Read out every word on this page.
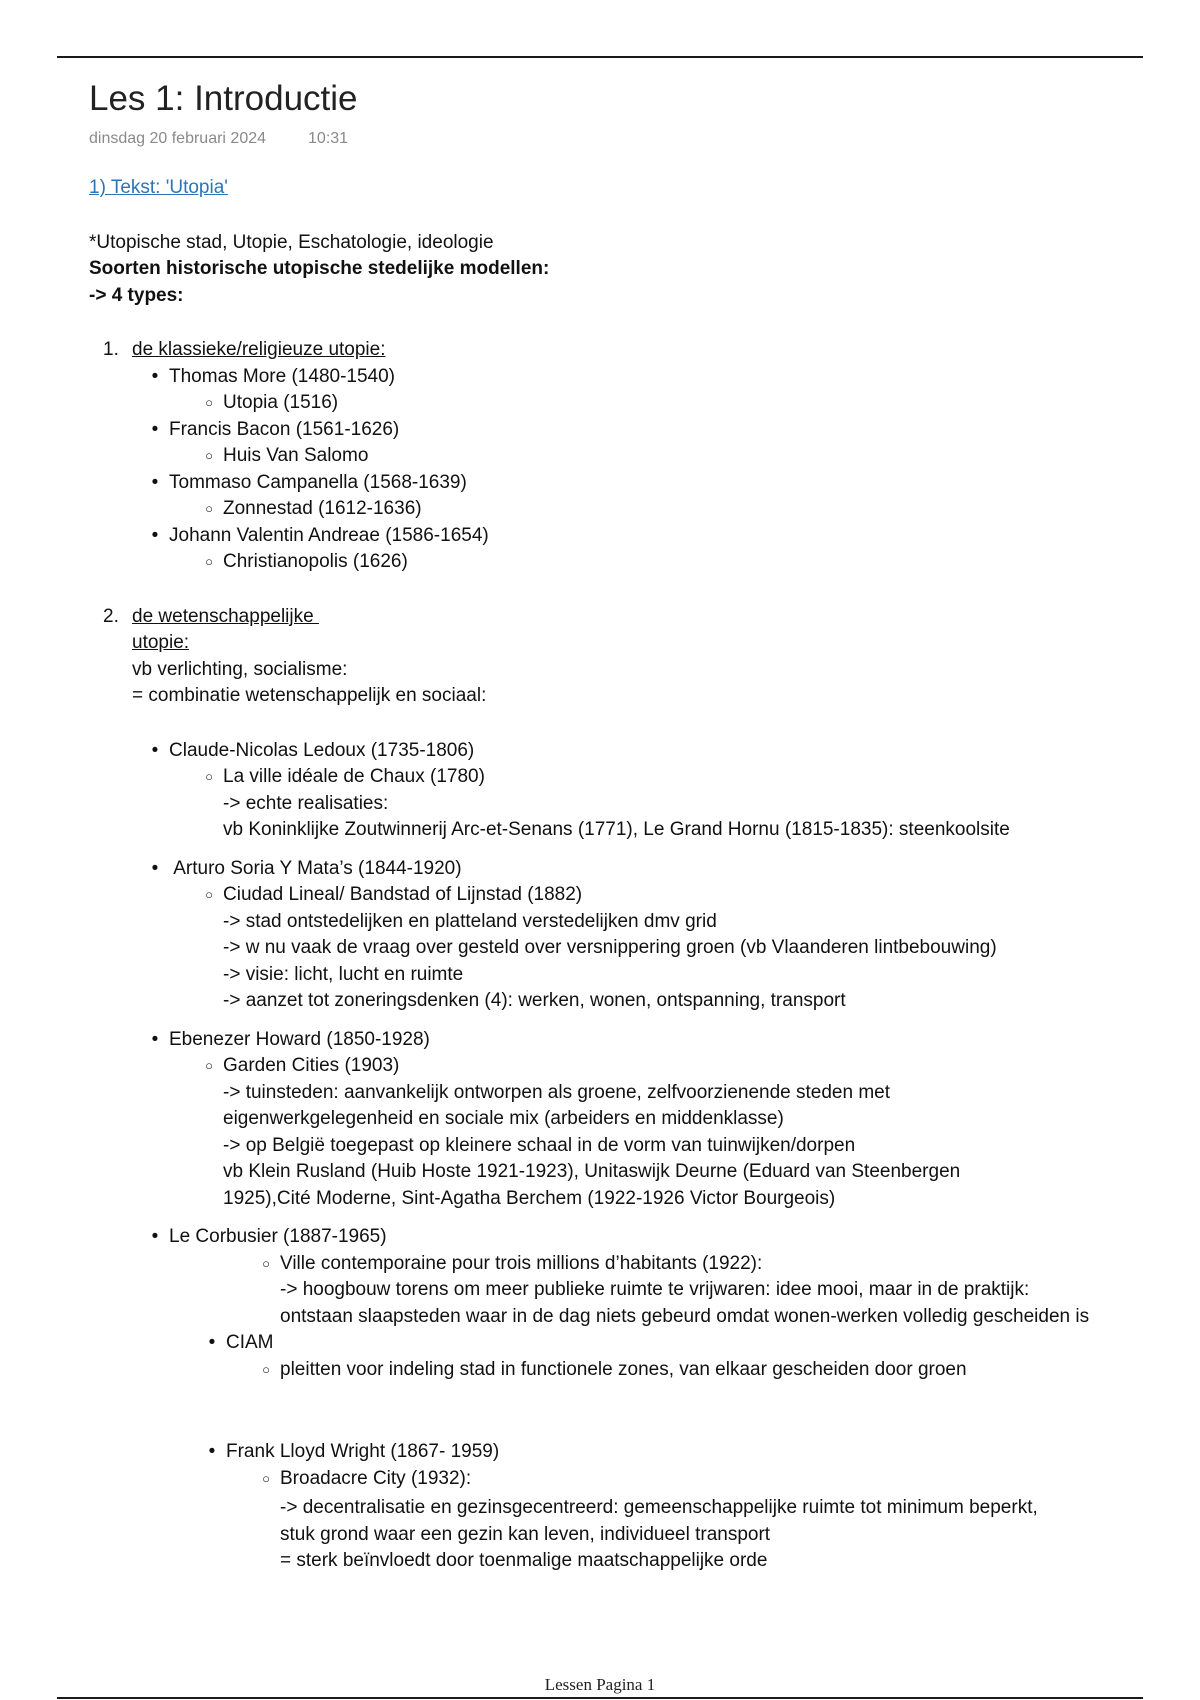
Les 1: Introductie
dinsdag 20 februari 2024	10:31
1) Tekst: 'Utopia'
*Utopische stad, Utopie, Eschatologie, ideologie
Soorten historische utopische stedelijke modellen:
-> 4 types:
1. de klassieke/religieuze utopie:
• Thomas More (1480-1540)
○ Utopia (1516)
• Francis Bacon (1561-1626)
○ Huis Van Salomo
• Tommaso Campanella (1568-1639)
○ Zonnestad (1612-1636)
• Johann Valentin Andreae (1586-1654)
○ Christianopolis (1626)
2. de wetenschappelijke
utopie:
vb verlichting, socialisme:
= combinatie wetenschappelijk en sociaal:
• Claude-Nicolas Ledoux (1735-1806)
○ La ville idéale de Chaux (1780)
-> echte realisaties:
vb Koninklijke Zoutwinnerij Arc-et-Senans (1771), Le Grand Hornu (1815-1835): steenkoolsite
• Arturo Soria Y Mata’s (1844-1920)
○ Ciudad Lineal/ Bandstad of Lijnstad (1882)
-> stad ontstedelijken en platteland verstedelijken dmv grid
-> w nu vaak de vraag over gesteld over versnippering groen (vb Vlaanderen lintbebouwing)
-> visie: licht, lucht en ruimte
-> aanzet tot zoneringsdenken (4): werken, wonen, ontspanning, transport
• Ebenezer Howard (1850-1928)
○ Garden Cities (1903)
-> tuinsteden: aanvankelijk ontworpen als groene, zelfvoorzienende steden met
eigenwerkgelegenheid en sociale mix (arbeiders en middenklasse)
-> op België toegepast op kleinere schaal in de vorm van tuinwijken/dorpen
vb Klein Rusland (Huib Hoste 1921-1923), Unitaswijk Deurne (Eduard van Steenbergen
1925),Cité Moderne, Sint-Agatha Berchem (1922-1926 Victor Bourgeois)
• Le Corbusier (1887-1965)
○ Ville contemporaine pour trois millions d’habitants (1922):
-> hoogbouw torens om meer publieke ruimte te vrijwaren: idee mooi, maar in de praktijk:
ontstaan slaapsteden waar in de dag niets gebeurd omdat wonen-werken volledig gescheiden is
• CIAM
○ pleitten voor indeling stad in functionele zones, van elkaar gescheiden door groen
• Frank Lloyd Wright (1867- 1959)
○ Broadacre City (1932):
-> decentralisatie en gezinsgecentreerd: gemeenschappelijke ruimte tot minimum beperkt,
stuk grond waar een gezin kan leven, individueel transport
= sterk beïnvloedt door toenmalige maatschappelijke orde
Lessen Pagina 1
